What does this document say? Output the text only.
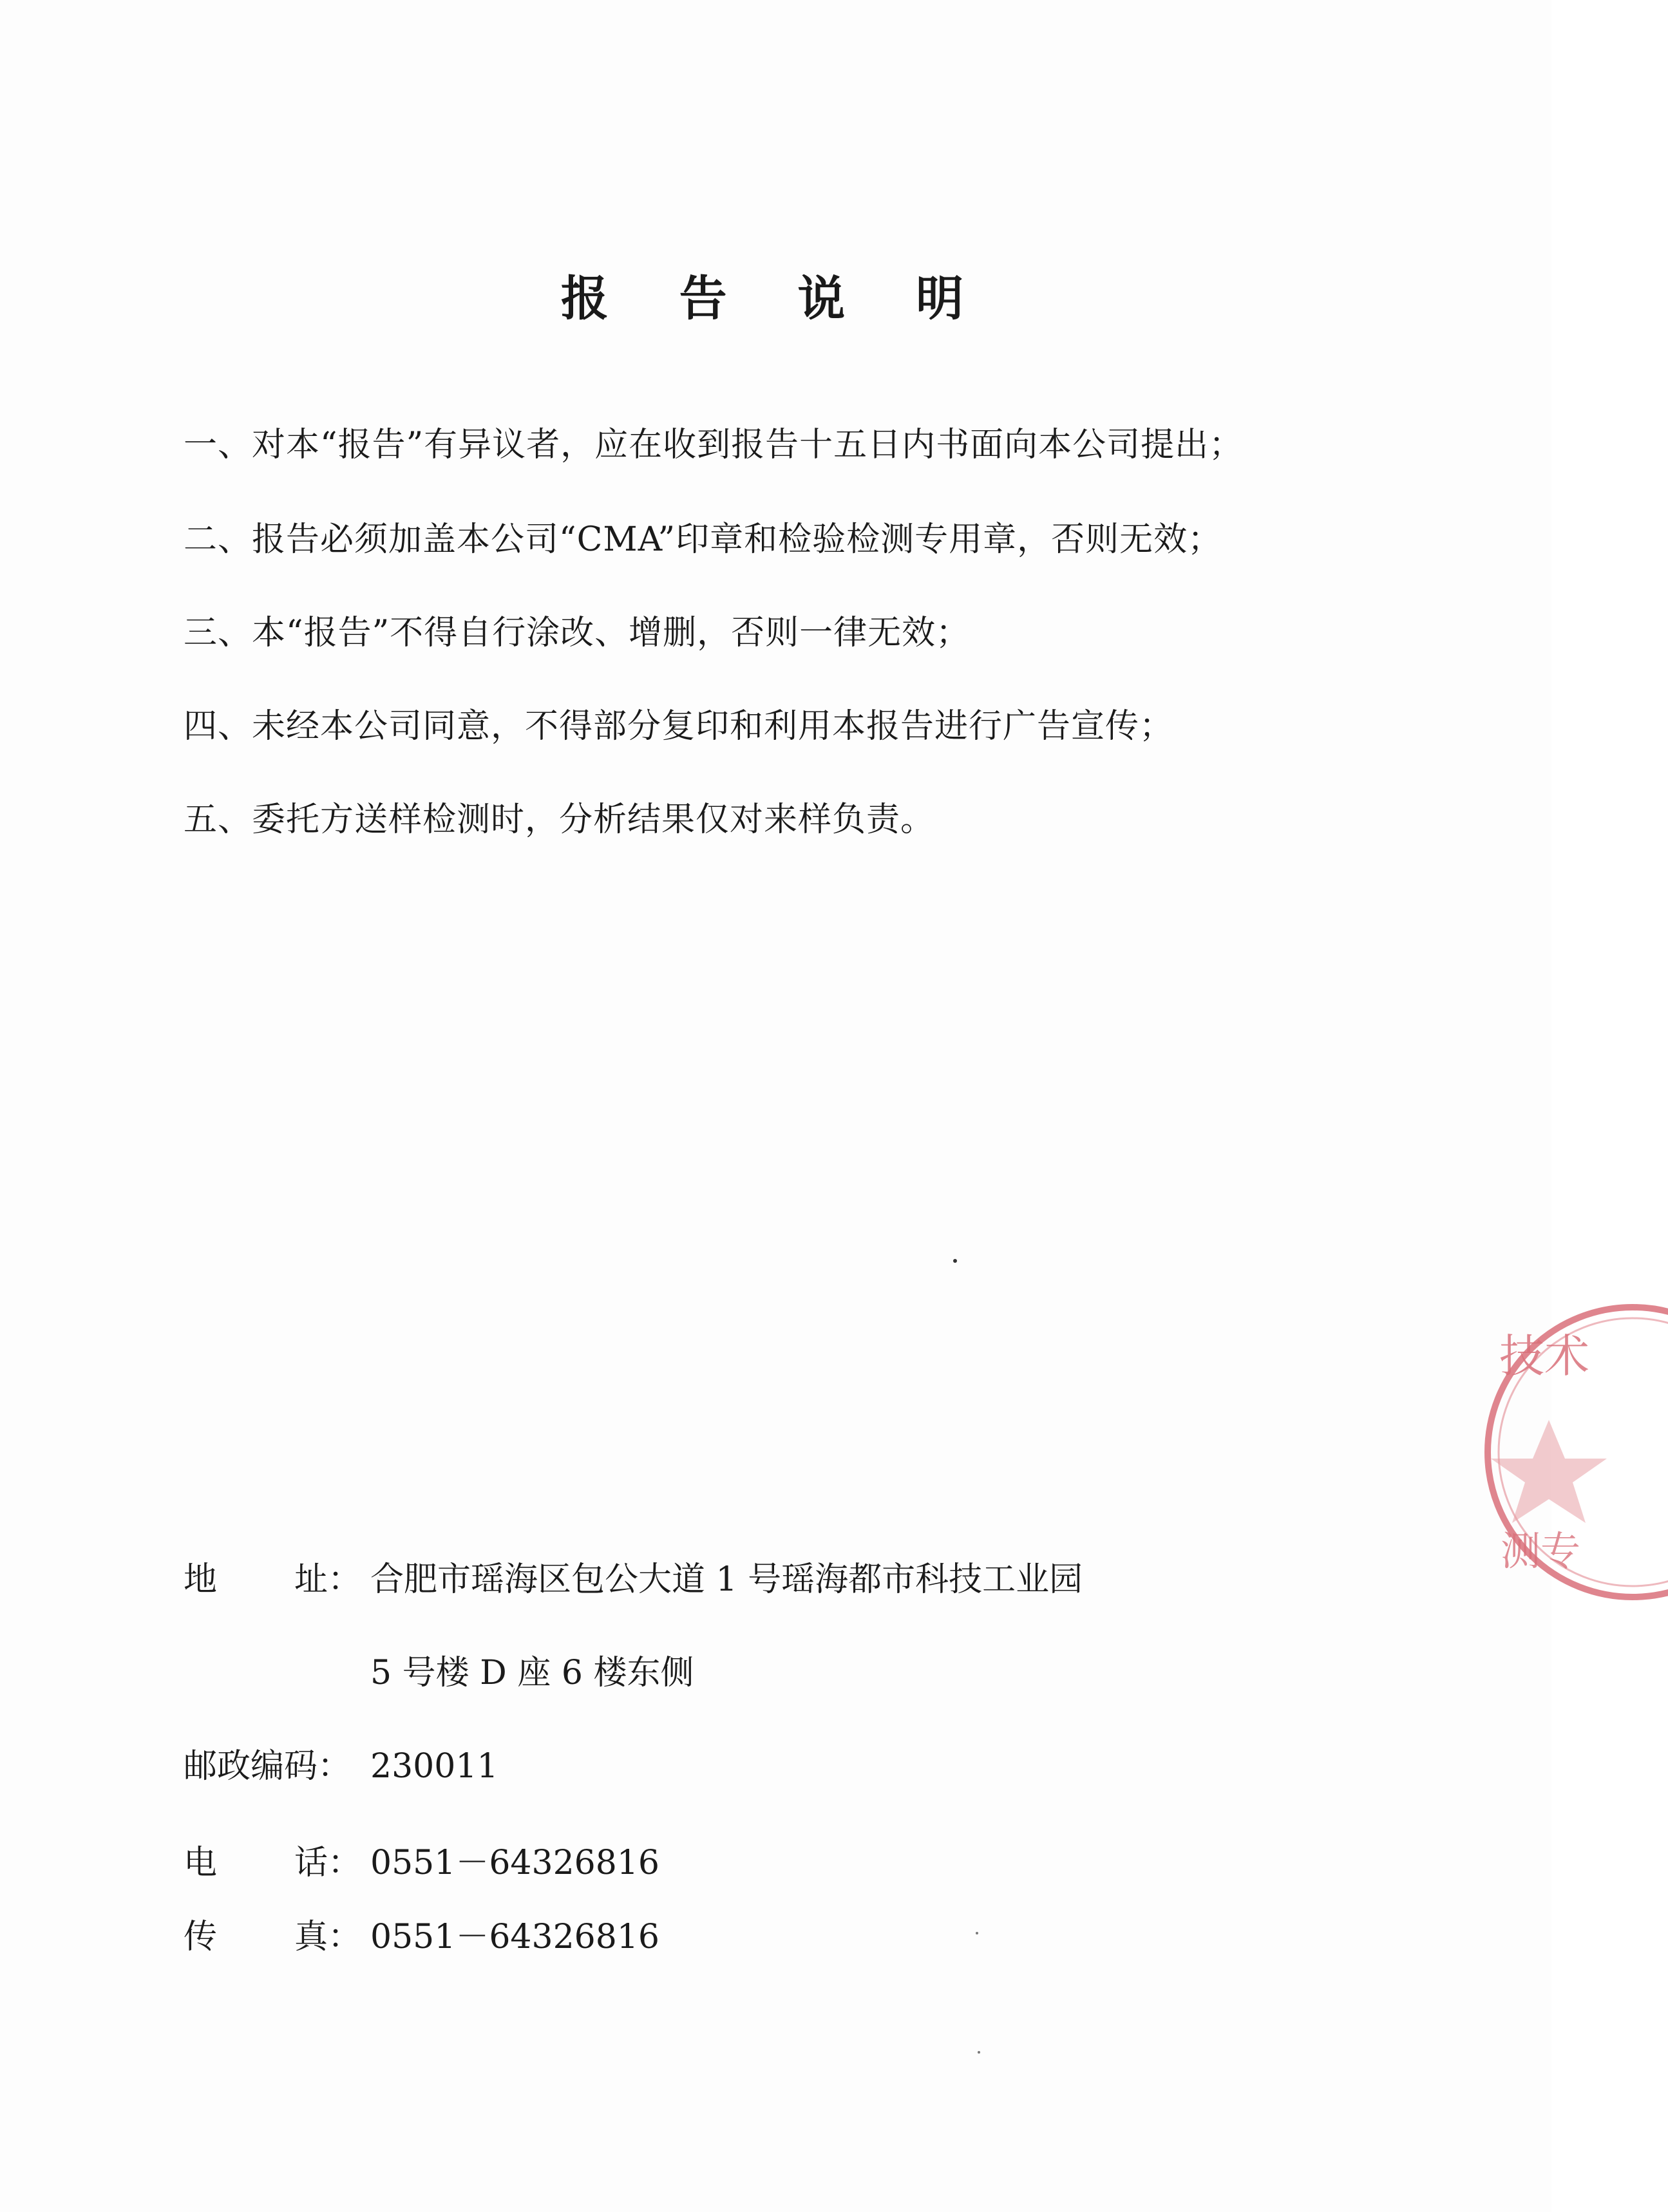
报 告 说 明
一、对本“报告”有异议者，应在收到报告十五日内书面向本公司提出；
二、报告必须加盖本公司“CMA”印章和检验检测专用章，否则无效；
三、本“报告”不得自行涂改、增删，否则一律无效；
四、未经本公司同意，不得部分复印和利用本报告进行广告宣传；
五、委托方送样检测时，分析结果仅对来样负责。
地 址： 合肥市瑶海区包公大道 1 号瑶海都市科技工业园
5 号楼 D 座 6 楼东侧
邮政编码： 230011
电 话： 0551－64326816
传 真： 0551－64326816
技术
测专
